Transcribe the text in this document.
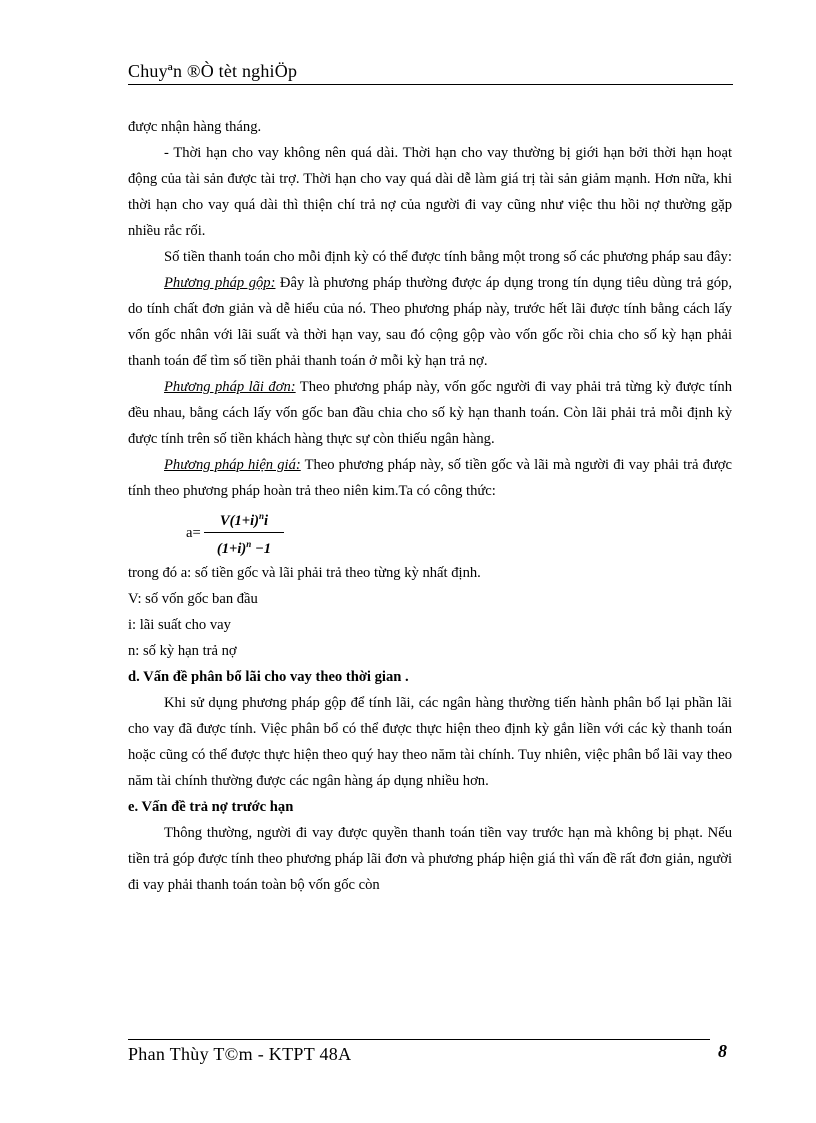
Chuyªn ®Ò tèt nghiÖp

được nhận hàng tháng.

- Thời hạn cho vay không nên quá dài. Thời hạn cho vay thường bị giới hạn bởi thời hạn hoạt động của tài sản được tài trợ. Thời hạn cho vay quá dài dễ làm giá trị tài sản giảm mạnh. Hơn nữa, khi thời hạn cho vay quá dài thì thiện chí trả nợ của người đi vay cũng như việc thu hồi nợ thường gặp nhiều rắc rối.

Số tiền thanh toán cho mỗi định kỳ có thể được tính bằng một trong số các phương pháp sau đây:

Phương pháp gộp: Đây là phương pháp thường được áp dụng trong tín dụng tiêu dùng trả góp, do tính chất đơn giản và dễ hiểu của nó. Theo phương pháp này, trước hết lãi được tính bằng cách lấy vốn gốc nhân với lãi suất và thời hạn vay, sau đó cộng gộp vào vốn gốc rồi chia cho số kỳ hạn phải thanh toán để tìm số tiền phải thanh toán ở mỗi kỳ hạn trả nợ.

Phương pháp lãi đơn: Theo phương pháp này, vốn gốc người đi vay phải trả từng kỳ được tính đều nhau, bằng cách lấy vốn gốc ban đầu chia cho số kỳ hạn thanh toán. Còn lãi phải trả mỗi định kỳ được tính trên số tiền khách hàng thực sự còn thiếu ngân hàng.

Phương pháp hiện giá: Theo phương pháp này, số tiền gốc và lãi mà người đi vay phải trả được tính theo phương pháp hoàn trả theo niên kim.Ta có công thức:

$a= \frac{V(1+i)^ni}{(1+i)^n -1}$

trong đó a: số tiền gốc và lãi phải trả theo từng kỳ nhất định.

V: số vốn gốc ban đầu

i: lãi suất cho vay

n: số kỳ hạn trả nợ

d. Vấn đề phân bổ lãi cho vay theo thời gian .

Khi sử dụng phương pháp gộp để tính lãi, các ngân hàng thường tiến hành phân bổ lại phần lãi cho vay đã được tính. Việc phân bổ có thể được thực hiện theo định kỳ gắn liền với các kỳ thanh toán hoặc cũng có thể được thực hiện theo quý hay theo năm tài chính. Tuy nhiên, việc phân bổ lãi vay theo năm tài chính thường được các ngân hàng áp dụng nhiều hơn.

e. Vấn đề trả nợ trước hạn

Thông thường, người đi vay được quyền thanh toán tiền vay trước hạn mà không bị phạt. Nếu tiền trả góp được tính theo phương pháp lãi đơn và phương pháp hiện giá thì vấn đề rất đơn giản, người đi vay phải thanh toán toàn bộ vốn gốc còn

Phan Thùy T©m - KTPT 48A	8
